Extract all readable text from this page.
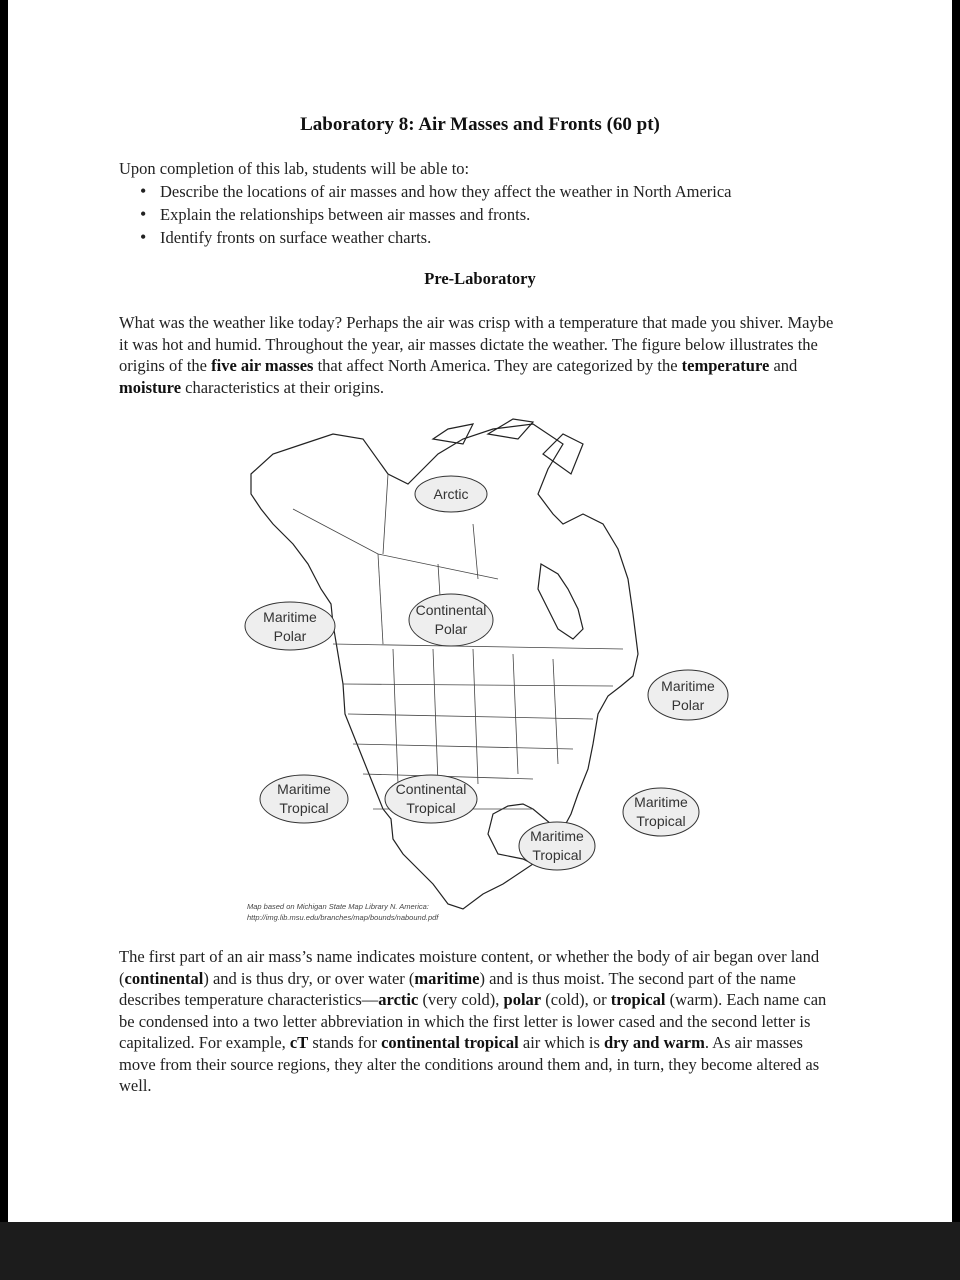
Laboratory 8: Air Masses and Fronts (60 pt)
Upon completion of this lab, students will be able to:
• Describe the locations of air masses and how they affect the weather in North America
• Explain the relationships between air masses and fronts.
• Identify fronts on surface weather charts.
Pre-Laboratory

What was the weather like today? Perhaps the air was crisp with a temperature that made you shiver. Maybe it was hot and humid. Throughout the year, air masses dictate the weather. The figure below illustrates the origins of the five air masses that affect North America. They are categorized by the temperature and moisture characteristics at their origins.

Arctic
Maritime
Polar
Continental
Polar
Maritime
Polar
Maritime
Tropical
Continental
Tropical	Maritime
Tropical
Maritime
Tropical
Map based on Michigan State Map Library N. America:
http://img.lib.msu.edu/branches/map/bounds/nabound.pdf

The first part of an air mass’s name indicates moisture content, or whether the body of air began over land (continental) and is thus dry, or over water (maritime) and is thus moist. The second part of the name describes temperature characteristics—arctic (very cold), polar (cold), or tropical (warm). Each name can be condensed into a two letter abbreviation in which the first letter is lower cased and the second letter is capitalized. For example, cT stands for continental tropical air which is dry and warm. As air masses move from their source regions, they alter the conditions around them and, in turn, they become altered as well.
